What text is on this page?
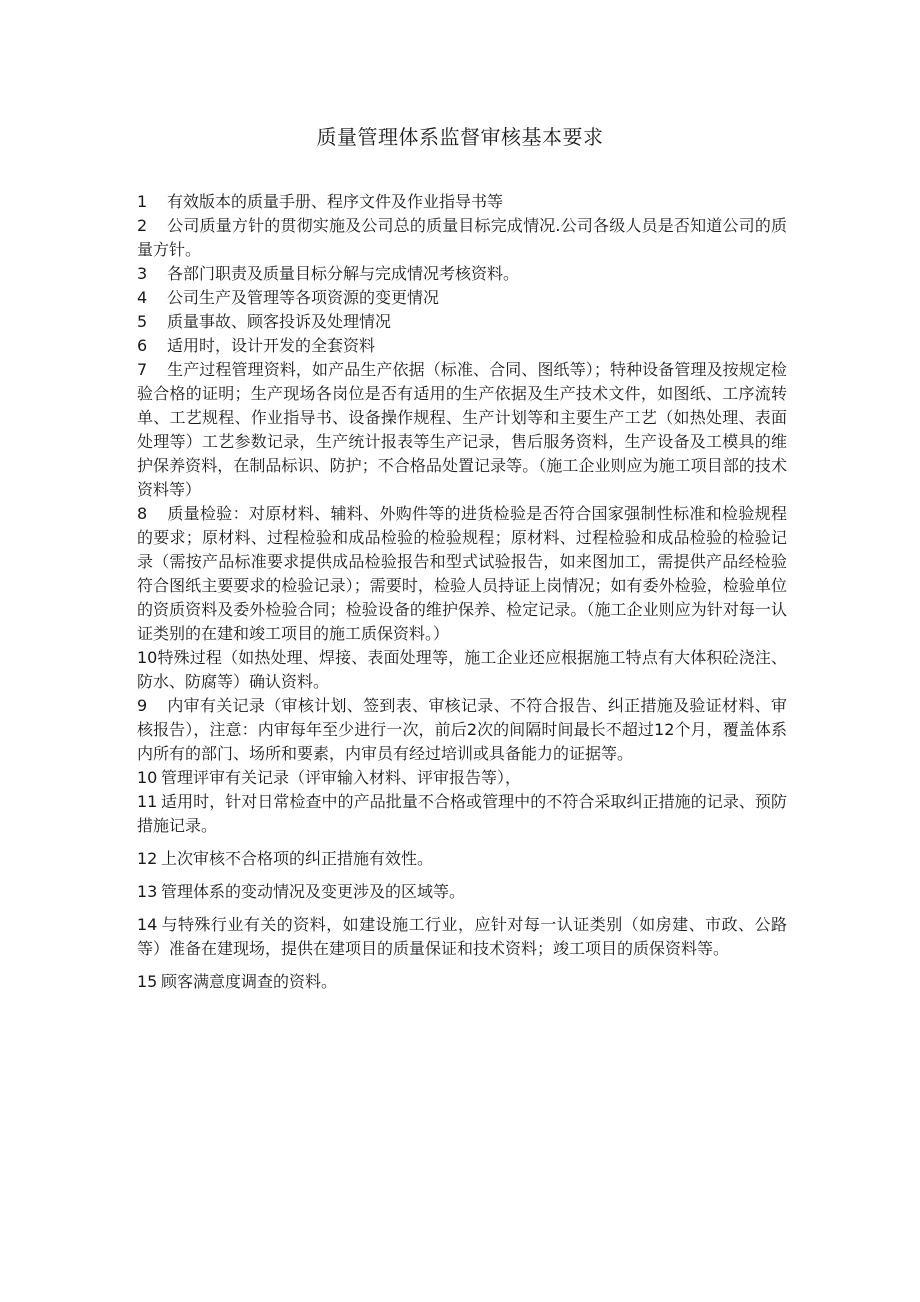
质量管理体系监督审核基本要求

1 有效版本的质量手册、程序文件及作业指导书等

2 公司质量方针的贯彻实施及公司总的质量目标完成情况.公司各级人员是否知道公司的质量方针。

3 各部门职责及质量目标分解与完成情况考核资料。

4 公司生产及管理等各项资源的变更情况

5 质量事故、顾客投诉及处理情况

6 适用时，设计开发的全套资料

7 生产过程管理资料，如产品生产依据（标准、合同、图纸等）；特种设备管理及按规定检验合格的证明；生产现场各岗位是否有适用的生产依据及生产技术文件，如图纸、工序流转单、工艺规程、作业指导书、设备操作规程、生产计划等和主要生产工艺（如热处理、表面处理等）工艺参数记录，生产统计报表等生产记录，售后服务资料，生产设备及工模具的维护保养资料，在制品标识、防护；不合格品处置记录等。（施工企业则应为施工项目部的技术资料等）

8 质量检验：对原材料、辅料、外购件等的进货检验是否符合国家强制性标准和检验规程的要求；原材料、过程检验和成品检验的检验规程；原材料、过程检验和成品检验的检验记录（需按产品标准要求提供成品检验报告和型式试验报告，如来图加工，需提供产品经检验符合图纸主要要求的检验记录）；需要时，检验人员持证上岗情况；如有委外检验，检验单位的资质资料及委外检验合同；检验设备的维护保养、检定记录。（施工企业则应为针对每一认证类别的在建和竣工项目的施工质保资料。）

10特殊过程（如热处理、焊接、表面处理等，施工企业还应根据施工特点有大体积砼浇注、防水、防腐等）确认资料。

9 内审有关记录（审核计划、签到表、审核记录、不符合报告、纠正措施及验证材料、审核报告），注意：内审每年至少进行一次，前后2次的间隔时间最长不超过12个月，覆盖体系内所有的部门、场所和要素，内审员有经过培训或具备能力的证据等。

10 管理评审有关记录（评审输入材料、评审报告等），

11 适用时，针对日常检查中的产品批量不合格或管理中的不符合采取纠正措施的记录、预防措施记录。

12 上次审核不合格项的纠正措施有效性。

13 管理体系的变动情况及变更涉及的区域等。

14 与特殊行业有关的资料，如建设施工行业，应针对每一认证类别（如房建、市政、公路等）准备在建现场，提供在建项目的质量保证和技术资料；竣工项目的质保资料等。

15 顾客满意度调查的资料。
